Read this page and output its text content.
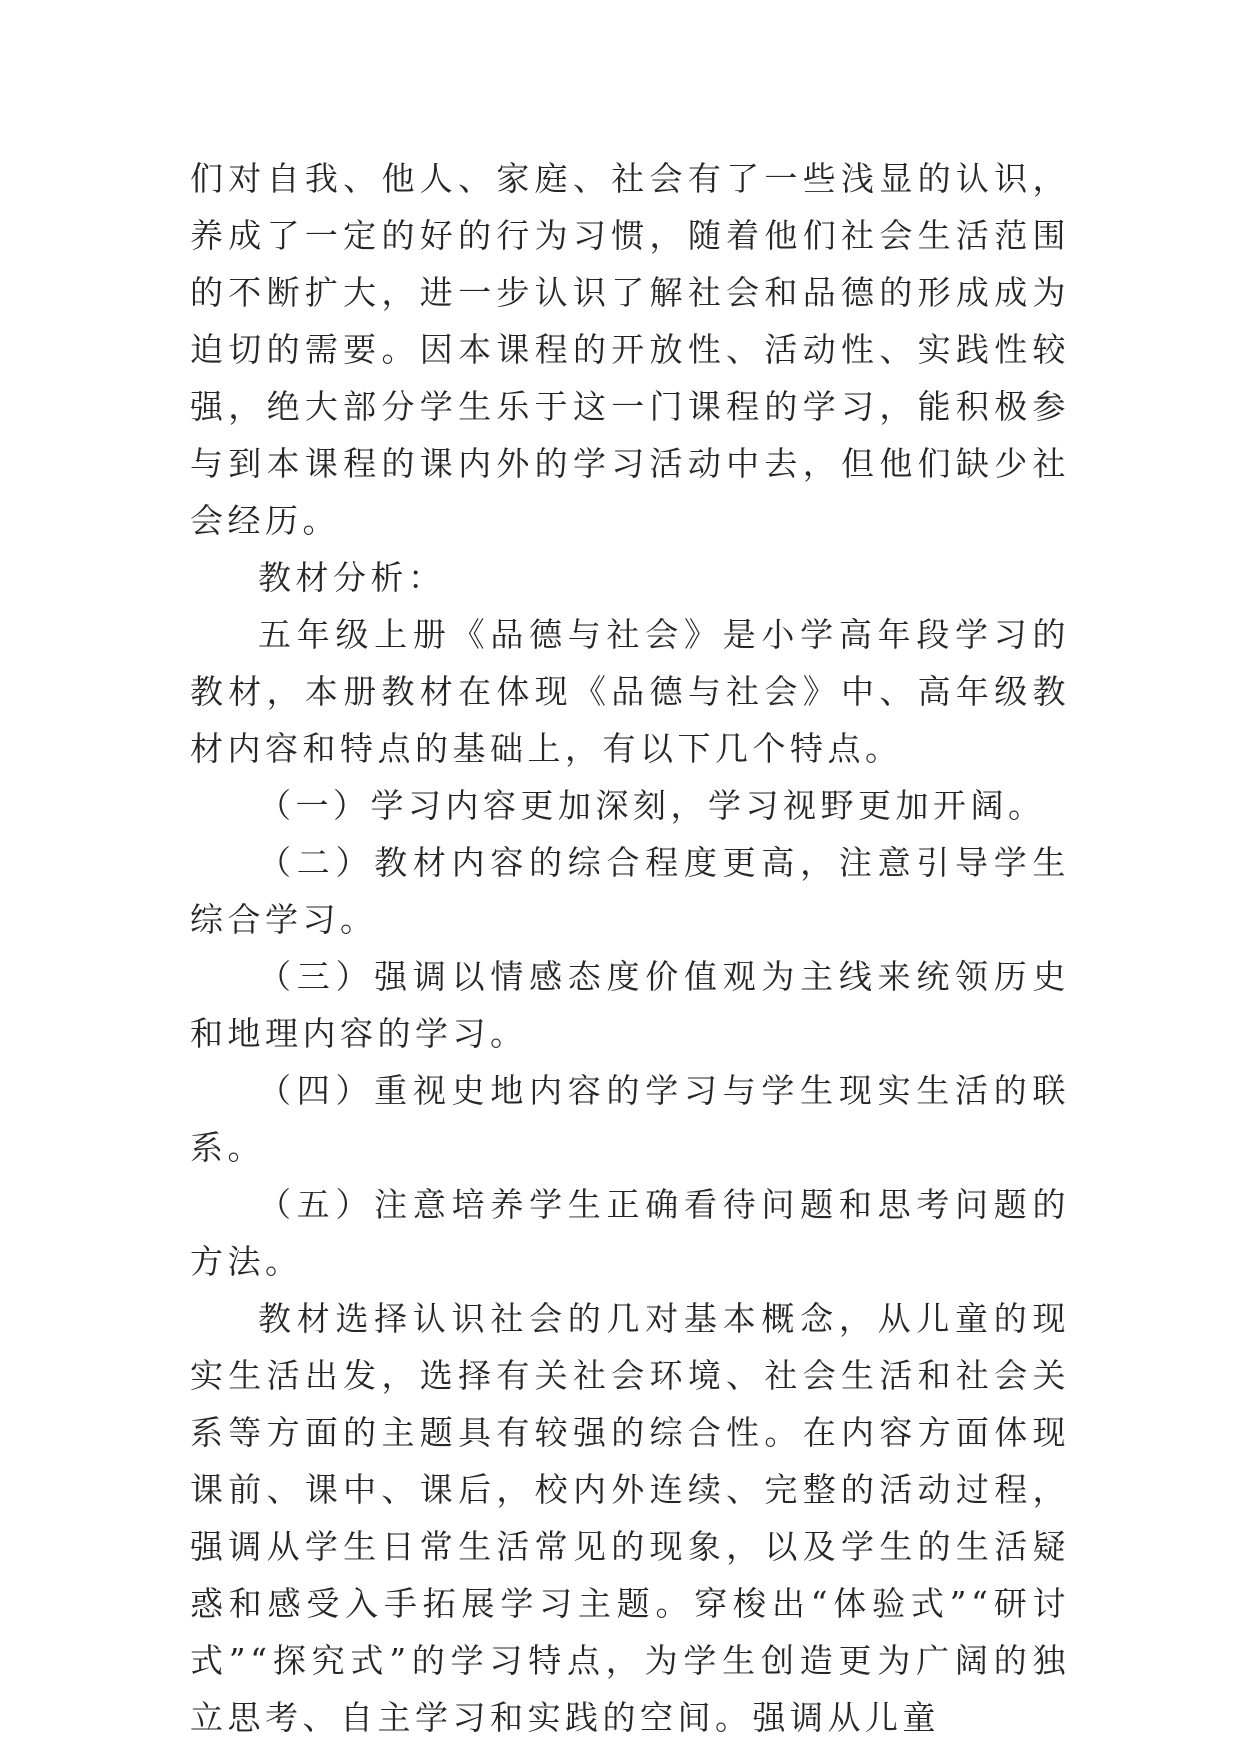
们对自我、他人、家庭、社会有了一些浅显的认识，养成了一定的好的行为习惯，随着他们社会生活范围的不断扩大，进一步认识了解社会和品德的形成成为迫切的需要。因本课程的开放性、活动性、实践性较强，绝大部分学生乐于这一门课程的学习，能积极参与到本课程的课内外的学习活动中去，但他们缺少社会经历。

教材分析：

五年级上册《品德与社会》是小学高年段学习的教材，本册教材在体现《品德与社会》中、高年级教材内容和特点的基础上，有以下几个特点。

（一）学习内容更加深刻，学习视野更加开阔。

（二）教材内容的综合程度更高，注意引导学生综合学习。

（三）强调以情感态度价值观为主线来统领历史和地理内容的学习。

（四）重视史地内容的学习与学生现实生活的联系。

（五）注意培养学生正确看待问题和思考问题的方法。

教材选择认识社会的几对基本概念，从儿童的现实生活出发，选择有关社会环境、社会生活和社会关系等方面的主题具有较强的综合性。在内容方面体现课前、课中、课后，校内外连续、完整的活动过程，强调从学生日常生活常见的现象，以及学生的生活疑惑和感受入手拓展学习主题。穿梭出“体验式”“研讨式”“探究式”的学习特点，为学生创造更为广阔的独立思考、自主学习和实践的空间。强调从儿童
